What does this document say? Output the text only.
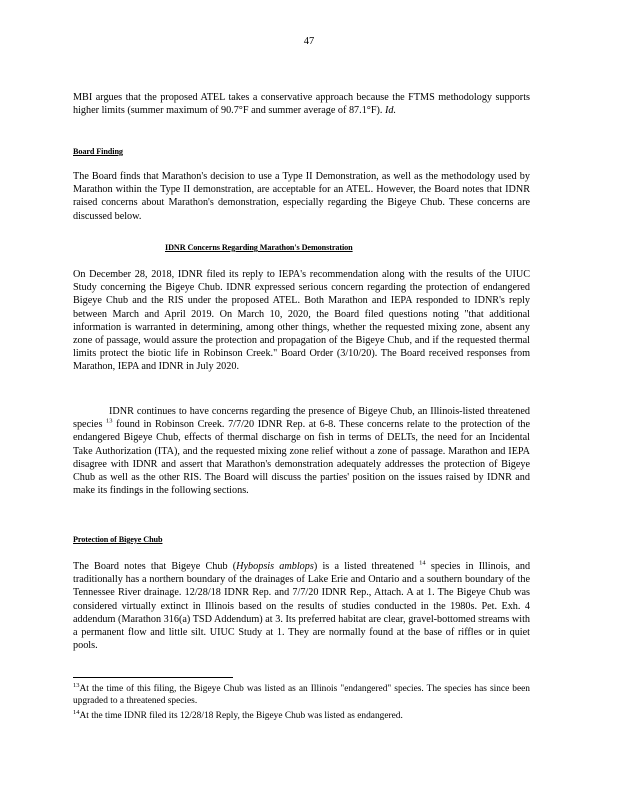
47
MBI argues that the proposed ATEL takes a conservative approach because the FTMS methodology supports higher limits (summer maximum of 90.7°F and summer average of 87.1°F). Id.
Board Finding
The Board finds that Marathon's decision to use a Type II Demonstration, as well as the methodology used by Marathon within the Type II demonstration, are acceptable for an ATEL. However, the Board notes that IDNR raised concerns about Marathon's demonstration, especially regarding the Bigeye Chub. These concerns are discussed below.
IDNR Concerns Regarding Marathon's Demonstration
On December 28, 2018, IDNR filed its reply to IEPA's recommendation along with the results of the UIUC Study concerning the Bigeye Chub. IDNR expressed serious concern regarding the protection of endangered Bigeye Chub and the RIS under the proposed ATEL. Both Marathon and IEPA responded to IDNR's reply between March and April 2019. On March 10, 2020, the Board filed questions noting "that additional information is warranted in determining, among other things, whether the requested mixing zone, absent any zone of passage, would assure the protection and propagation of the Bigeye Chub, and if the requested thermal limits protect the biotic life in Robinson Creek." Board Order (3/10/20). The Board received responses from Marathon, IEPA and IDNR in July 2020.
IDNR continues to have concerns regarding the presence of Bigeye Chub, an Illinois-listed threatened species $^{13}$ found in Robinson Creek. 7/7/20 IDNR Rep. at 6-8. These concerns relate to the protection of the endangered Bigeye Chub, effects of thermal discharge on fish in terms of DELTs, the need for an Incidental Take Authorization (ITA), and the requested mixing zone relief without a zone of passage. Marathon and IEPA disagree with IDNR and assert that Marathon's demonstration adequately addresses the protection of Bigeye Chub as well as the other RIS. The Board will discuss the parties' position on the issues raised by IDNR and make its findings in the following sections.
Protection of Bigeye Chub
The Board notes that Bigeye Chub (Hybopsis amblops) is a listed threatened $^{14}$ species in Illinois, and traditionally has a northern boundary of the drainages of Lake Erie and Ontario and a southern boundary of the Tennessee River drainage. 12/28/18 IDNR Rep. and 7/7/20 IDNR Rep., Attach. A at 1. The Bigeye Chub was considered virtually extinct in Illinois based on the results of studies conducted in the 1980s. Pet. Exh. 4 addendum (Marathon 316(a) TSD Addendum) at 3. Its preferred habitat are clear, gravel-bottomed streams with a permanent flow and little silt. UIUC Study at 1. They are normally found at the base of riffles or in quiet pools.
$^{13}$At the time of this filing, the Bigeye Chub was listed as an Illinois "endangered" species. The species has since been upgraded to a threatened species.
$^{14}$At the time IDNR filed its 12/28/18 Reply, the Bigeye Chub was listed as endangered.
